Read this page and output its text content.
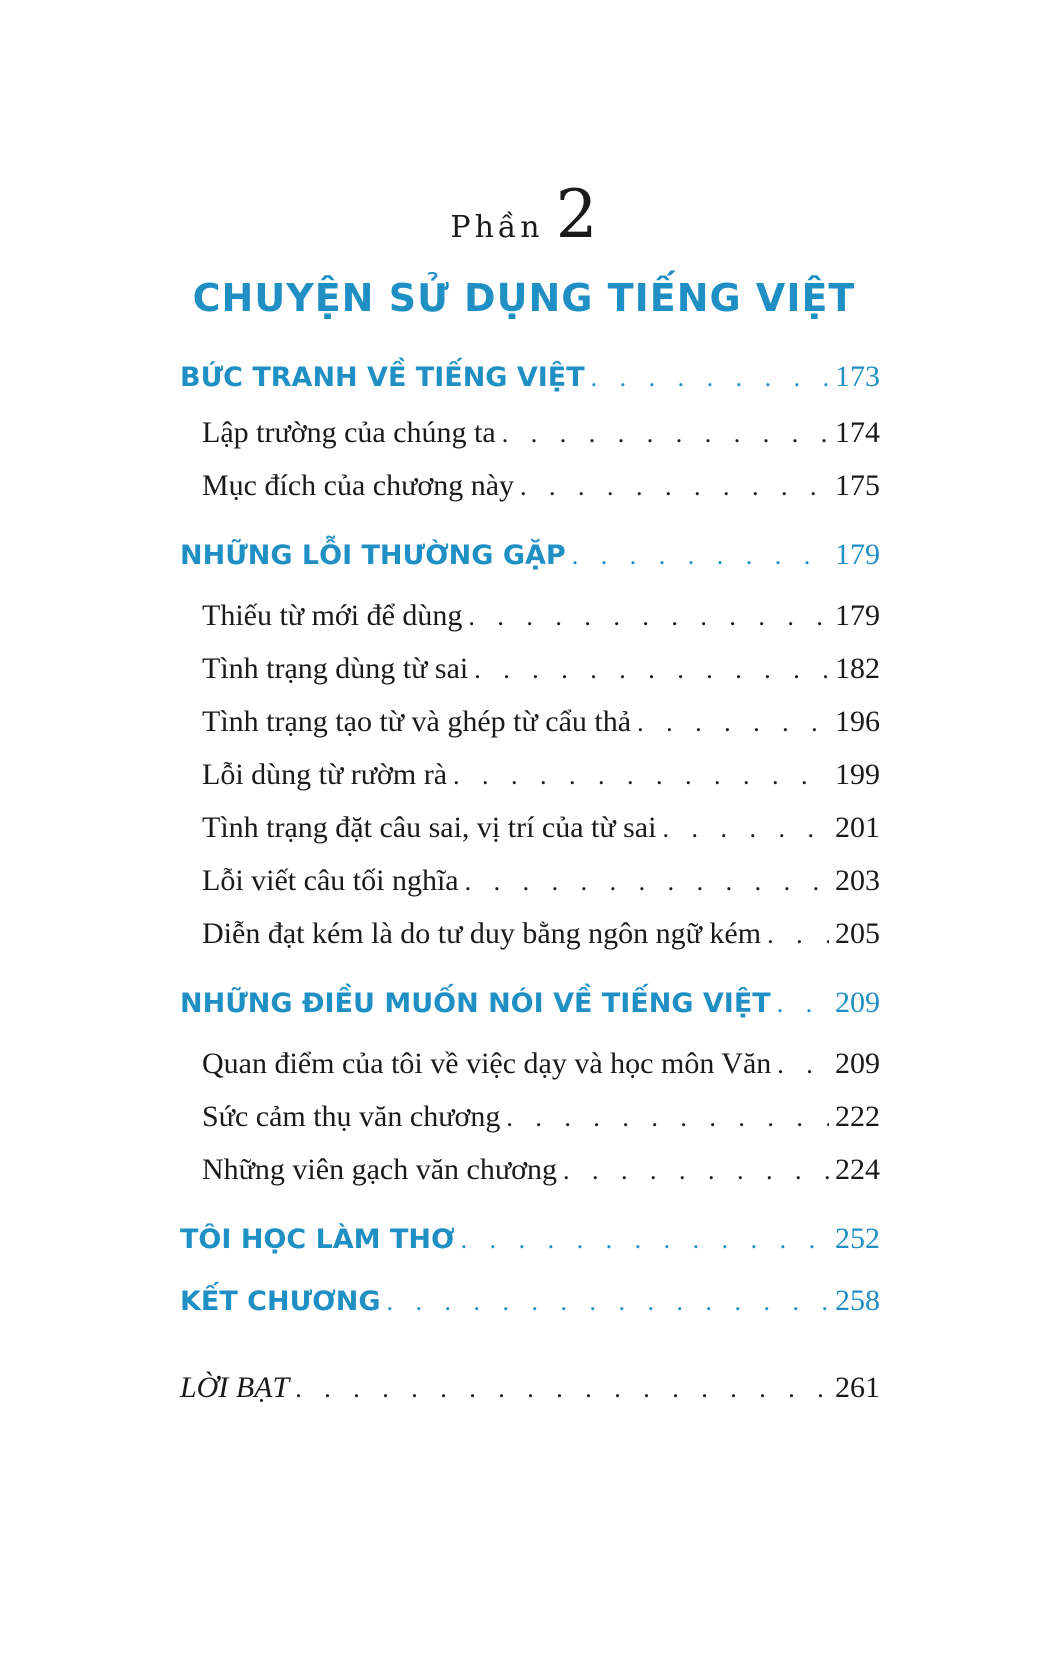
Phần 2
CHUYỆN SỬ DỤNG TIẾNG VIỆT
BỨC TRANH VỀ TIẾNG VIỆT . . .	173
Lập trường của chúng ta . . .	174
Mục đích của chương này . . .	175
NHỮNG LỖI THƯỜNG GẶP . . .	179
Thiếu từ mới để dùng . . .	179
Tình trạng dùng từ sai . . .	182
Tình trạng tạo từ và ghép từ cẩu thả . . .	196
Lỗi dùng từ rườm rà . . .	199
Tình trạng đặt câu sai, vị trí của từ sai . . .	201
Lỗi viết câu tối nghĩa . . .	203
Diễn đạt kém là do tư duy bằng ngôn ngữ kém . . . 205
NHỮNG ĐIỀU MUỐN NÓI VỀ TIẾNG VIỆT . . . 209
Quan điểm của tôi về việc dạy và học môn Văn . . . 209
Sức cảm thụ văn chương . . .	222
Những viên gạch văn chương . . .	224
TÔI HỌC LÀM THƠ . . .	252
KẾT CHƯƠNG . . .	258
LỜI BẠT . . .	261
